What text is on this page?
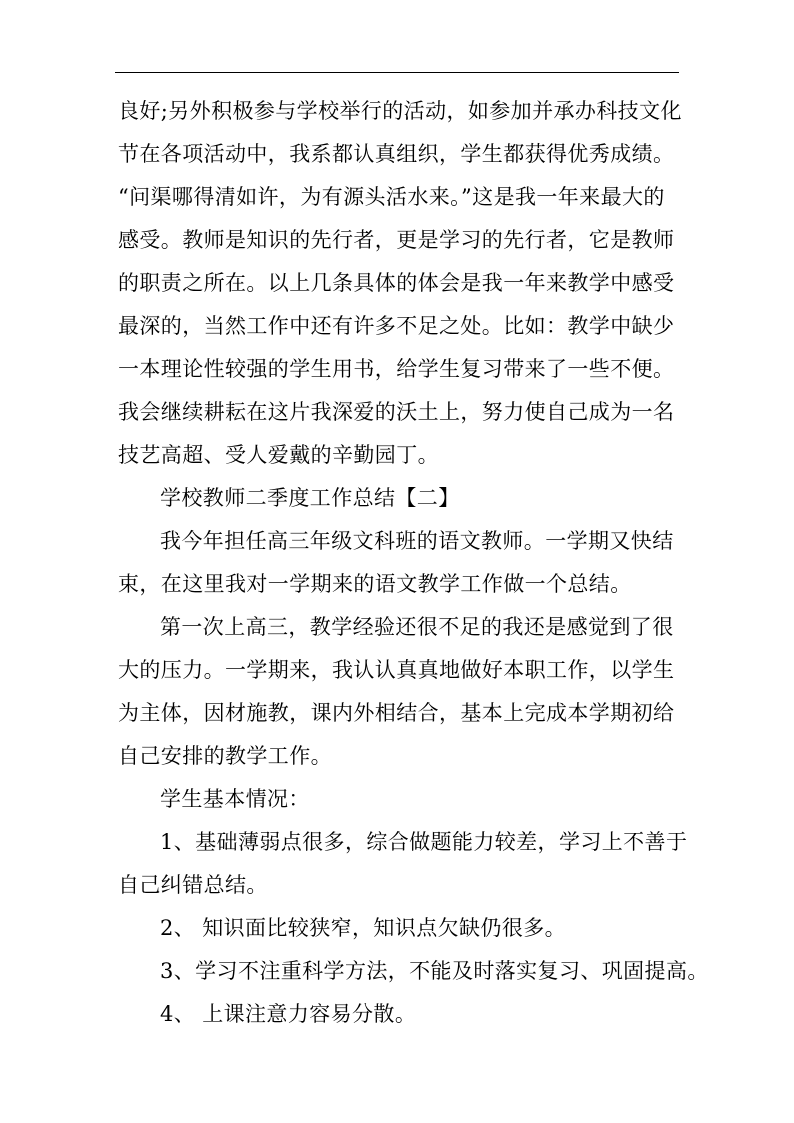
良好;另外积极参与学校举行的活动，如参加并承办科技文化
节在各项活动中，我系都认真组织，学生都获得优秀成绩。
“问渠哪得清如许，为有源头活水来。”这是我一年来最大的
感受。教师是知识的先行者，更是学习的先行者，它是教师
的职责之所在。以上几条具体的体会是我一年来教学中感受
最深的，当然工作中还有许多不足之处。比如：教学中缺少
一本理论性较强的学生用书，给学生复习带来了一些不便。
我会继续耕耘在这片我深爱的沃土上，努力使自己成为一名
技艺高超、受人爱戴的辛勤园丁。
学校教师二季度工作总结【二】
我今年担任高三年级文科班的语文教师。一学期又快结
束，在这里我对一学期来的语文教学工作做一个总结。
第一次上高三，教学经验还很不足的我还是感觉到了很
大的压力。一学期来，我认认真真地做好本职工作，以学生
为主体，因材施教，课内外相结合，基本上完成本学期初给
自己安排的教学工作。
学生基本情况：
1、基础薄弱点很多，综合做题能力较差，学习上不善于
自己纠错总结。
2、 知识面比较狭窄，知识点欠缺仍很多。
3、学习不注重科学方法，不能及时落实复习、巩固提高。
4、 上课注意力容易分散。
